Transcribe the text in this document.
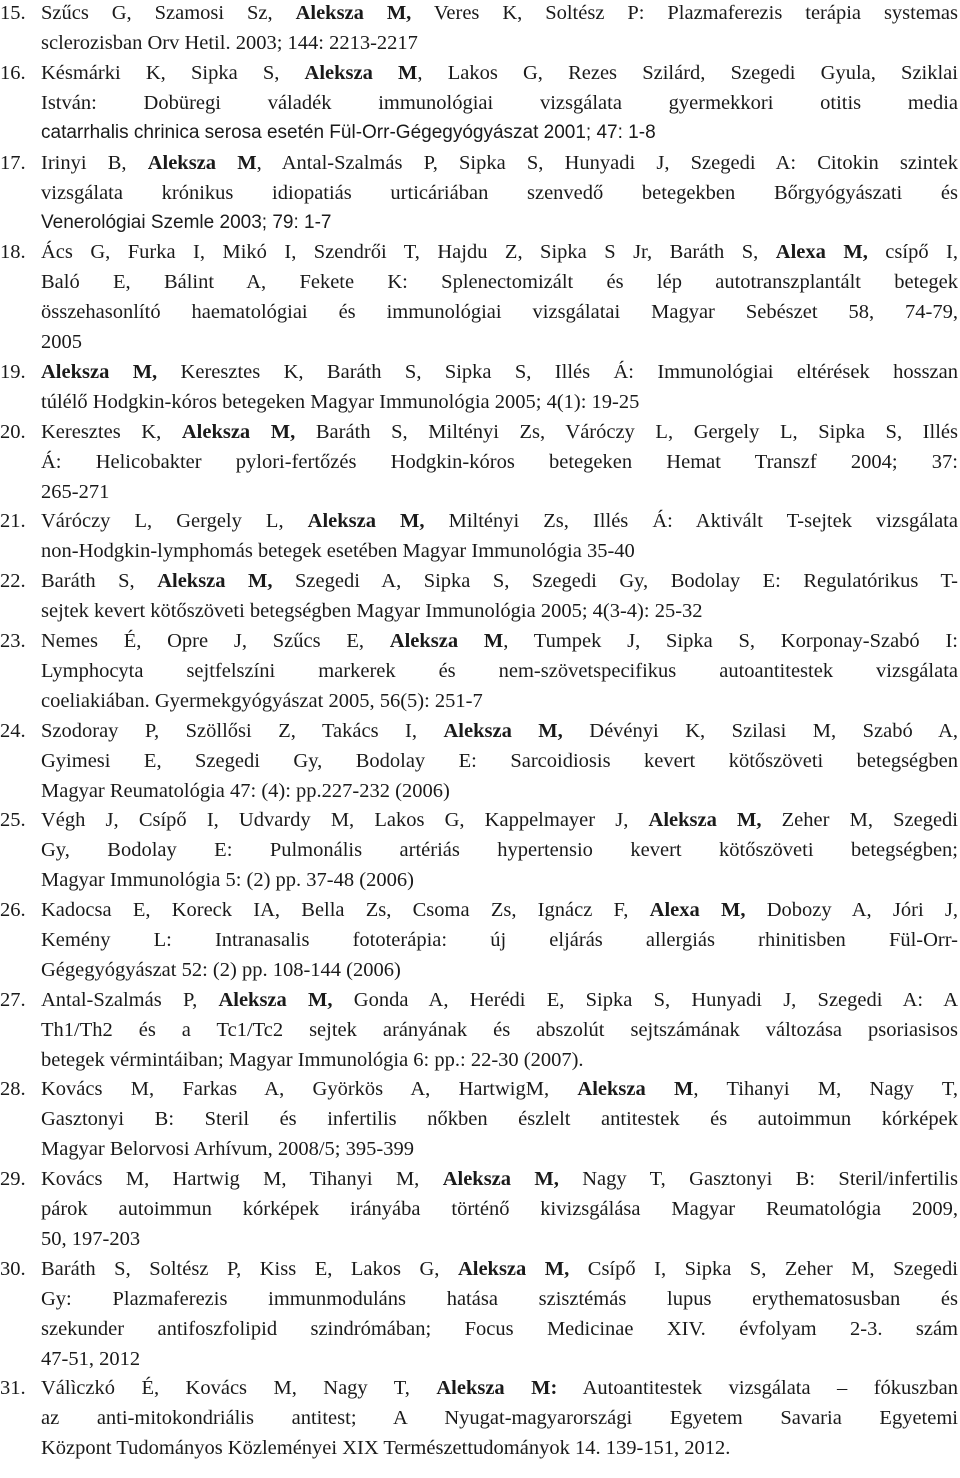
15. Szűcs G, Szamosi Sz, Aleksza M, Veres K, Soltész P: Plazmaferezis terápia systemas
sclerozisban Orv Hetil. 2003; 144: 2213-2217
16. Késmárki K, Sipka S, Aleksza M, Lakos G, Rezes Szilárd, Szegedi Gyula, Sziklai
István: Dobüregi váladék immunológiai vizsgálata gyermekkori otitis media
catarrhalis chrinica serosa esetén Fül-Orr-Gégegyógyászat 2001; 47: 1-8
17. Irinyi B, Aleksza M, Antal-Szalmás P, Sipka S, Hunyadi J, Szegedi A: Citokin szintek
vizsgálata krónikus idiopatiás urticáriában szenvedő betegekben Bőrgyógyászati és
Venerológiai Szemle 2003; 79: 1-7
18. Ács G, Furka I, Mikó I, Szendrői T, Hajdu Z, Sipka S Jr, Baráth S, Alexa M, csípő I,
Baló E, Bálint A, Fekete K: Splenectomizált és lép autotranszplantált betegek
összehasonlító haematológiai és immunológiai vizsgálatai Magyar Sebészet 58, 74-79,
2005
19. Aleksza M, Keresztes K, Baráth S, Sipka S, Illés Á: Immunológiai eltérések hosszan
túlélő Hodgkin-kóros betegeken Magyar Immunológia 2005; 4(1): 19-25
20. Keresztes K, Aleksza M, Baráth S, Miltényi Zs, Váróczy L, Gergely L, Sipka S, Illés
Á: Helicobakter pylori-fertőzés Hodgkin-kóros betegeken Hemat Transzf 2004; 37:
265-271
21. Váróczy L, Gergely L, Aleksza M, Miltényi Zs, Illés Á: Aktivált T-sejtek vizsgálata
non-Hodgkin-lymphomás betegek esetében Magyar Immunológia 35-40
22. Baráth S, Aleksza M, Szegedi A, Sipka S, Szegedi Gy, Bodolay E: Regulatórikus T-
sejtek kevert kötőszöveti betegségben Magyar Immunológia 2005; 4(3-4): 25-32
23. Nemes É, Opre J, Szűcs E, Aleksza M, Tumpek J, Sipka S, Korponay-Szabó I:
Lymphocyta sejtfelszíni markerek és nem-szövetspecifikus autoantitestek vizsgálata
coeliakiában. Gyermekgyógyászat 2005, 56(5): 251-7
24. Szodoray P, Szöllősi Z, Takács I, Aleksza M, Dévényi K, Szilasi M, Szabó A,
Gyimesi E, Szegedi Gy, Bodolay E: Sarcoidiosis kevert kötőszöveti betegségben
Magyar Reumatológia 47: (4): pp.227-232 (2006)
25. Végh J, Csípő I, Udvardy M, Lakos G, Kappelmayer J, Aleksza M, Zeher M, Szegedi
Gy, Bodolay E: Pulmonális artériás hypertensio kevert kötőszöveti betegségben;
Magyar Immunológia 5: (2) pp. 37-48 (2006)
26. Kadocsa E, Koreck IA, Bella Zs, Csoma Zs, Ignácz F, Alexa M, Dobozy A, Jóri J,
Kemény L: Intranasalis fototerápia: új eljárás allergiás rhinitisben Fül-Orr-
Gégegyógyászat 52: (2) pp. 108-144 (2006)
27. Antal-Szalmás P, Aleksza M, Gonda A, Herédi E, Sipka S, Hunyadi J, Szegedi A: A
Th1/Th2 és a Tc1/Tc2 sejtek arányának és abszolút sejtszámának változása psoriasisos
betegek vérmintáiban; Magyar Immunológia 6: pp.: 22-30 (2007).
28. Kovács M, Farkas A, Györkös A, HartwigM, Aleksza M, Tihanyi M, Nagy T,
Gasztonyi B: Steril és infertilis nőkben észlelt antitestek és autoimmun kórképek
Magyar Belorvosi Arhívum, 2008/5; 395-399
29. Kovács M, Hartwig M, Tihanyi M, Aleksza M, Nagy T, Gasztonyi B: Steril/infertilis
párok autoimmun kórképek irányába történő kivizsgálása Magyar Reumatológia 2009,
50, 197-203
30. Baráth S, Soltész P, Kiss E, Lakos G, Aleksza M, Csípő I, Sipka S, Zeher M, Szegedi
Gy: Plazmaferezis immunmoduláns hatása szisztémás lupus erythematosusban és
szekunder antifoszfolipid szindrómában; Focus Medicinae XIV. évfolyam 2-3. szám
47-51, 2012
31. Válìczkó É, Kovács M, Nagy T, Aleksza M: Autoantitestek vizsgálata – fókuszban
az anti-mitokondriális antitest; A Nyugat-magyarországi Egyetem Savaria Egyetemi
Központ Tudományos Közleményei XIX Természettudományok 14. 139-151, 2012.
